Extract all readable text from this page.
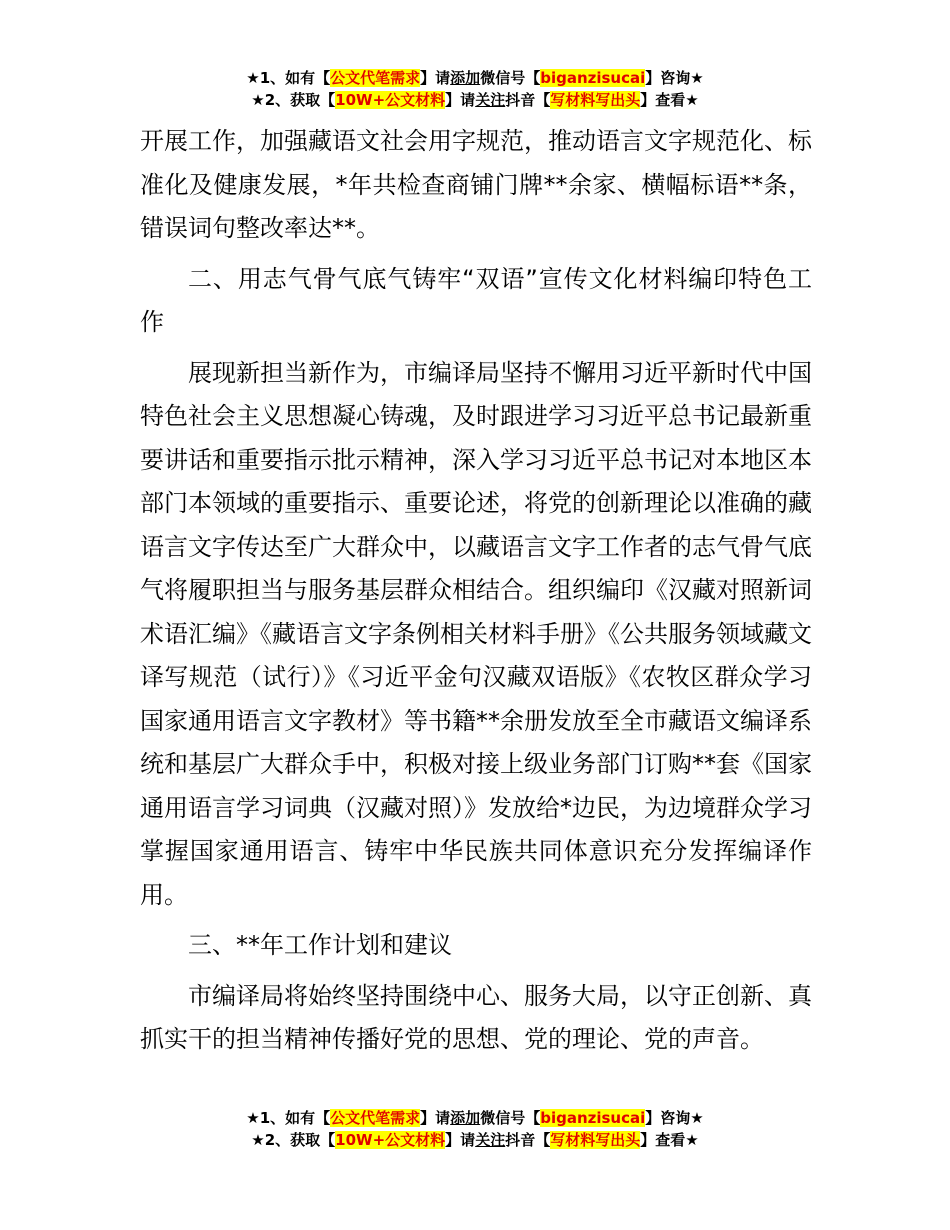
★1、如有【公文代笔需求】请添加微信号【biganzisucai】咨询★
★2、获取【10W+公文材料】请关注抖音【写材料写出头】查看★

开展工作，加强藏语文社会用字规范，推动语言文字规范化、标准化及健康发展，*年共检查商铺门牌**余家、横幅标语**条，错误词句整改率达**。

二、用志气骨气底气铸牢“双语”宣传文化材料编印特色工作

展现新担当新作为，市编译局坚持不懈用习近平新时代中国特色社会主义思想凝心铸魂，及时跟进学习习近平总书记最新重要讲话和重要指示批示精神，深入学习习近平总书记对本地区本部门本领域的重要指示、重要论述，将党的创新理论以准确的藏语言文字传达至广大群众中，以藏语言文字工作者的志气骨气底气将履职担当与服务基层群众相结合。组织编印《汉藏对照新词术语汇编》《藏语言文字条例相关材料手册》《公共服务领域藏文译写规范（试行）》《习近平金句汉藏双语版》《农牧区群众学习国家通用语言文字教材》等书籍**余册发放至全市藏语文编译系统和基层广大群众手中，积极对接上级业务部门订购**套《国家通用语言学习词典（汉藏对照）》发放给*边民，为边境群众学习掌握国家通用语言、铸牢中华民族共同体意识充分发挥编译作用。

三、**年工作计划和建议

市编译局将始终坚持围绕中心、服务大局，以守正创新、真抓实干的担当精神传播好党的思想、党的理论、党的声音。

★1、如有【公文代笔需求】请添加微信号【biganzisucai】咨询★
★2、获取【10W+公文材料】请关注抖音【写材料写出头】查看★
